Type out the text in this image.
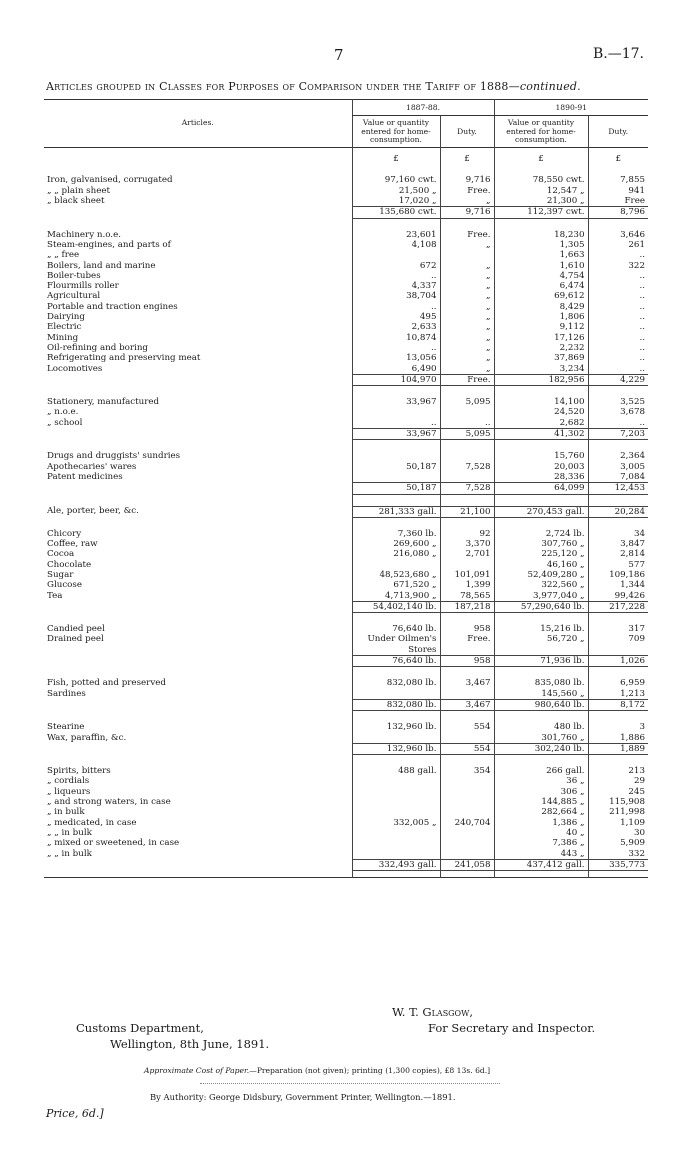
7	B.—17.
Articles grouped in Classes for Purposes of Comparison under the Tariff of 1888—continued.
Articles.	1887-88.		1890-91	
	Value or quantity entered for home-consumption.	Duty.	Value or quantity entered for home-consumption.	Duty.
	£	£	£	£

Iron, galvanised, corrugated	97,160 cwt.	9,716	78,550 cwt.	7,855
„ „ plain sheet	21,500 „	Free.	12,547 „	941
„ black sheet	17,020 „	„	21,300 „	Free
	135,680 cwt.	9,716	112,397 cwt.	8,796

Machinery n.o.e.	23,601	Free.	18,230	3,646
Steam-engines, and parts of	4,108	„	1,305	261
„ „ free			1,663	..
Boilers, land and marine	672	„	1,610	322
Boiler-tubes	..	„	4,754	..
Flourmills roller	4,337	„	6,474	..
Agricultural	38,704	„	69,612	..
Portable and traction engines	..	„	8,429	..
Dairying	495	„	1,806	..
Electric	2,633	„	9,112	..
Mining	10,874	„	17,126	..
Oil-refining and boring	..	„	2,232	..
Refrigerating and preserving meat	13,056	„	37,869	..
Locomotives	6,490	„	3,234	..
	104,970	Free.	182,956	4,229

Stationery, manufactured	33,967	5,095	14,100	3,525
„ n.o.e.			24,520	3,678
„ school	..	..	2,682	..
	33,967	5,095	41,302	7,203

Drugs and druggists' sundries			15,760	2,364
Apothecaries' wares	50,187	7,528	20,003	3,005
Patent medicines			28,336	7,084
	50,187	7,528	64,099	12,453

Ale, porter, beer, &c.	281,333 gall.	21,100	270,453 gall.	20,284

Chicory	7,360 lb.	92	2,724 lb.	34
Coffee, raw	269,600 „	3,370	307,760 „	3,847
Cocoa	216,080 „	2,701	225,120 „	2,814
Chocolate			46,160 „	577
Sugar	48,523,680 „	101,091	52,409,280 „	109,186
Glucose	671,520 „	1,399	322,560 „	1,344
Tea	4,713,900 „	78,565	3,977,040 „	99,426
	54,402,140 lb.	187,218	57,290,640 lb.	217,228

Candied peel	76,640 lb.	958	15,216 lb.	317
Drained peel	Under Oilmen's	Free.	56,720 „	709
	Stores			
	76,640 lb.	958	71,936 lb.	1,026

Fish, potted and preserved	832,080 lb.	3,467	835,080 lb.	6,959
Sardines			145,560 „	1,213
	832,080 lb.	3,467	980,640 lb.	8,172

Stearine	132,960 lb.	554	480 lb.	3
Wax, paraffin, &c.			301,760 „	1,886
	132,960 lb.	554	302,240 lb.	1,889

Spirits, bitters	488 gall.	354	266 gall.	213
„ cordials			36 „	29
„ liqueurs			306 „	245
„ and strong waters, in case			144,885 „	115,908
„ in bulk			282,664 „	211,998
„ medicated, in case	332,005 „	240,704	1,386 „	1,109
„ „ in bulk			40 „	30
„ mixed or sweetened, in case			7,386 „	5,909
„ „ in bulk			443 „	332
	332,493 gall.	241,058	437,412 gall.	335,773

W. T. Glasgow,
For Secretary and Inspector.
Customs Department,
Wellington, 8th June, 1891.
Approximate Cost of Paper.—Preparation (not given); printing (1,300 copies), £8 13s. 6d.]
By Authority: George Didsbury, Government Printer, Wellington.—1891.
Price, 6d.]
